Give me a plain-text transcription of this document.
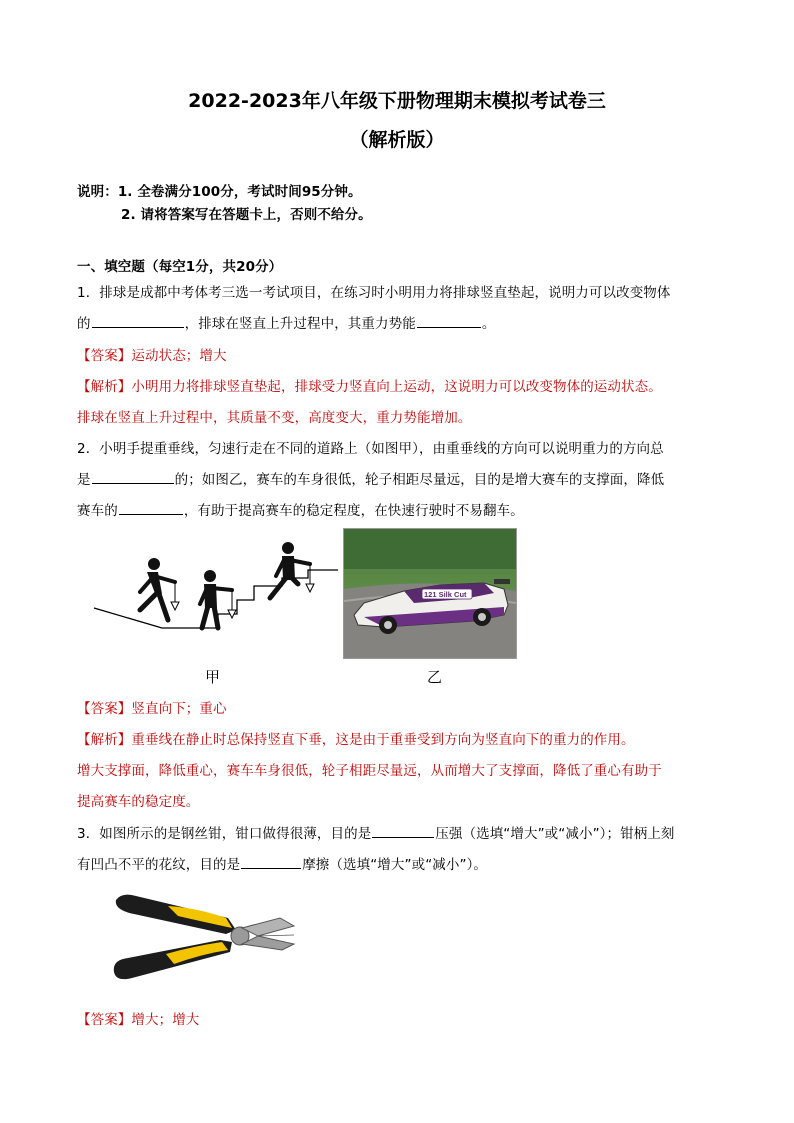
2022-2023年八年级下册物理期末模拟考试卷三
（解析版）
说明：1. 全卷满分100分，考试时间95分钟。
2. 请将答案写在答题卡上，否则不给分。
一、填空题（每空1分，共20分）
1．排球是成都中考体考三选一考试项目，在练习时小明用力将排球竖直垫起，说明力可以改变物体
的	，排球在竖直上升过程中，其重力势能	。
【答案】运动状态；增大
【解析】小明用力将排球竖直垫起，排球受力竖直向上运动，这说明力可以改变物体的运动状态。
排球在竖直上升过程中，其质量不变，高度变大，重力势能增加。
2．小明手提重垂线，匀速行走在不同的道路上（如图甲），由重垂线的方向可以说明重力的方向总
是	的；如图乙，赛车的车身很低，轮子相距尽量远，目的是增大赛车的支撑面，降低
赛车的	，有助于提高赛车的稳定程度，在快速行驶时不易翻车。
121 Silk Cut
甲	乙
【答案】竖直向下；重心
【解析】重垂线在静止时总保持竖直下垂，这是由于重垂受到方向为竖直向下的重力的作用。
增大支撑面，降低重心，赛车车身很低，轮子相距尽量远，从而增大了支撑面，降低了重心有助于
提高赛车的稳定度。
3．如图所示的是钢丝钳，钳口做得很薄，目的是	压强（选填“增大”或“减小”）；钳柄上刻
有凹凸不平的花纹，目的是	摩擦（选填“增大”或“减小”）。
【答案】增大；增大
